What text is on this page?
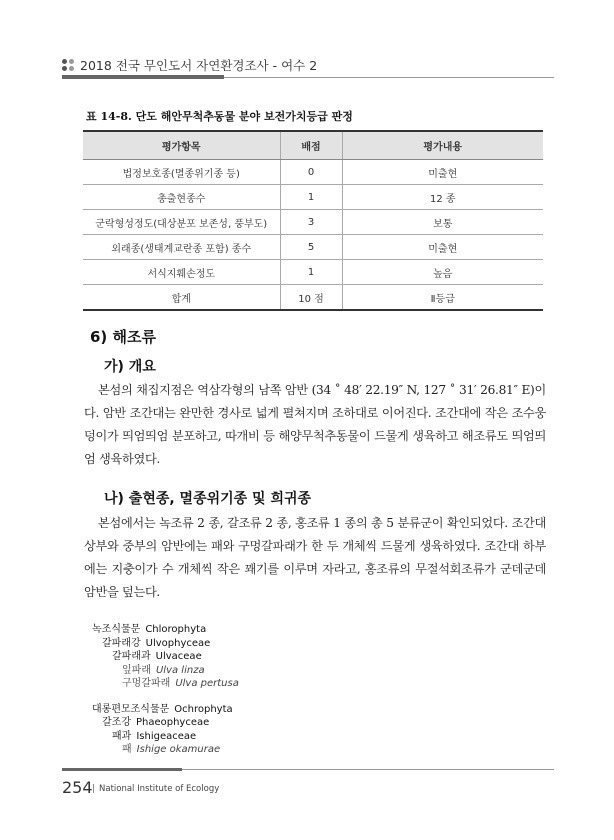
2018 전국 무인도서 자연환경조사 - 여수 2
표 14-8. 단도 해안무척추동물 분야 보전가치등급 판정
평가항목	배점	평가내용
법정보호종(멸종위기종 등)	0	미출현
총출현종수	1	12 종
군락형성정도(대상분포 보존성, 풍부도)	3	보통
외래종(생태계교란종 포함) 종수	5	미출현
서식지훼손정도	1	높음
합계	10 점	Ⅱ등급
6) 해조류
가) 개요
본섬의 채집지점은 역삼각형의 남쪽 암반 (34 ˚ 48′ 22.19″ N, 127 ˚ 31′ 26.81″ E)이다. 암반 조간대는 완만한 경사로 넓게 펼쳐지며 조하대로 이어진다. 조간대에 작은 조수웅덩이가 띄엄띄엄 분포하고, 따개비 등 해양무척추동물이 드물게 생육하고 해조류도 띄엄띄엄 생육하였다.
나) 출현종, 멸종위기종 및 희귀종
본섬에서는 녹조류 2 종, 갈조류 2 종, 홍조류 1 종의 총 5 분류군이 확인되었다. 조간대 상부와 중부의 암반에는 패와 구멍갈파래가 한 두 개체씩 드물게 생육하였다. 조간대 하부에는 지충이가 수 개체씩 작은 꽤기를 이루며 자라고, 홍조류의 무절석회조류가 군데군데 암반을 덮는다.
녹조식물문 Chlorophyta
갈파래강 Ulvophyceae
갈파래과 Ulvaceae
잎파래 Ulva linza
구멍갈파래 Ulva pertusa
대롱편모조식물문 Ochrophyta
갈조강 Phaeophyceae
패과 Ishigeaceae
패 Ishige okamurae
254 | National Institute of Ecology
